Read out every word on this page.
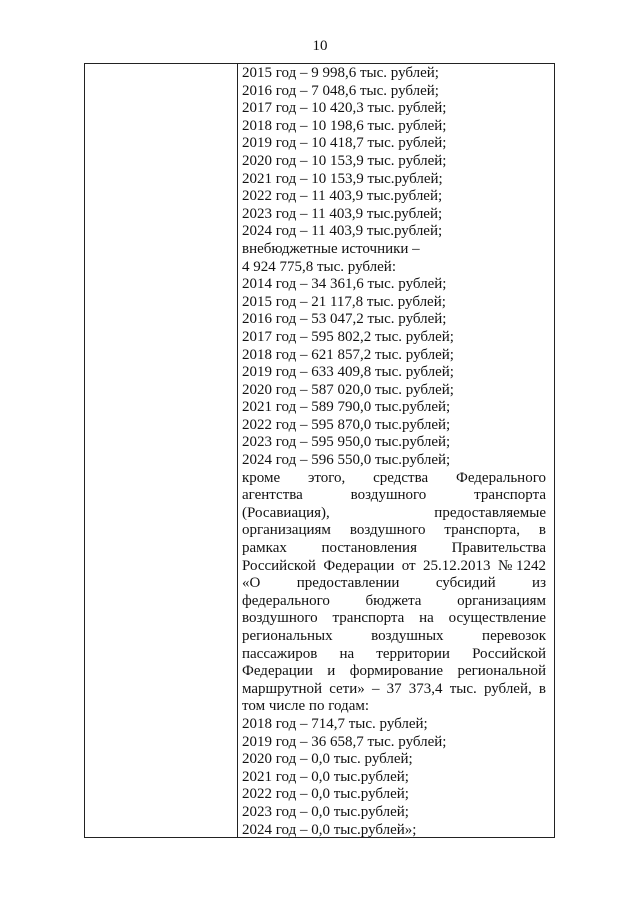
10
2015 год – 9 998,6 тыс. рублей;
2016 год – 7 048,6 тыс. рублей;
2017 год – 10 420,3 тыс. рублей;
2018 год – 10 198,6 тыс. рублей;
2019 год – 10 418,7 тыс. рублей;
2020 год – 10 153,9 тыс. рублей;
2021 год – 10 153,9 тыс.рублей;
2022 год – 11 403,9 тыс.рублей;
2023 год – 11 403,9 тыс.рублей;
2024 год – 11 403,9 тыс.рублей;
внебюджетные источники –
4 924 775,8 тыс. рублей:
2014 год – 34 361,6 тыс. рублей;
2015 год – 21 117,8 тыс. рублей;
2016 год – 53 047,2 тыс. рублей;
2017 год – 595 802,2 тыс. рублей;
2018 год – 621 857,2 тыс. рублей;
2019 год – 633 409,8 тыс. рублей;
2020 год – 587 020,0 тыс. рублей;
2021 год – 589 790,0 тыс.рублей;
2022 год – 595 870,0 тыс.рублей;
2023 год – 595 950,0 тыс.рублей;
2024 год – 596 550,0 тыс.рублей;
кроме этого, средства Федерального
агентства воздушного транспорта
(Росавиация), предоставляемые
организациям воздушного транспорта, в
рамках постановления Правительства
Российской Федерации от 25.12.2013 №1242
«О предоставлении субсидий из
федерального бюджета организациям
воздушного транспорта на осуществление
региональных воздушных перевозок
пассажиров на территории Российской
Федерации и формирование региональной
маршрутной сети» – 37 373,4 тыс. рублей, в
том числе по годам:
2018 год – 714,7 тыс. рублей;
2019 год – 36 658,7 тыс. рублей;
2020 год – 0,0 тыс. рублей;
2021 год – 0,0 тыс.рублей;
2022 год – 0,0 тыс.рублей;
2023 год – 0,0 тыс.рублей;
2024 год – 0,0 тыс.рублей»;
